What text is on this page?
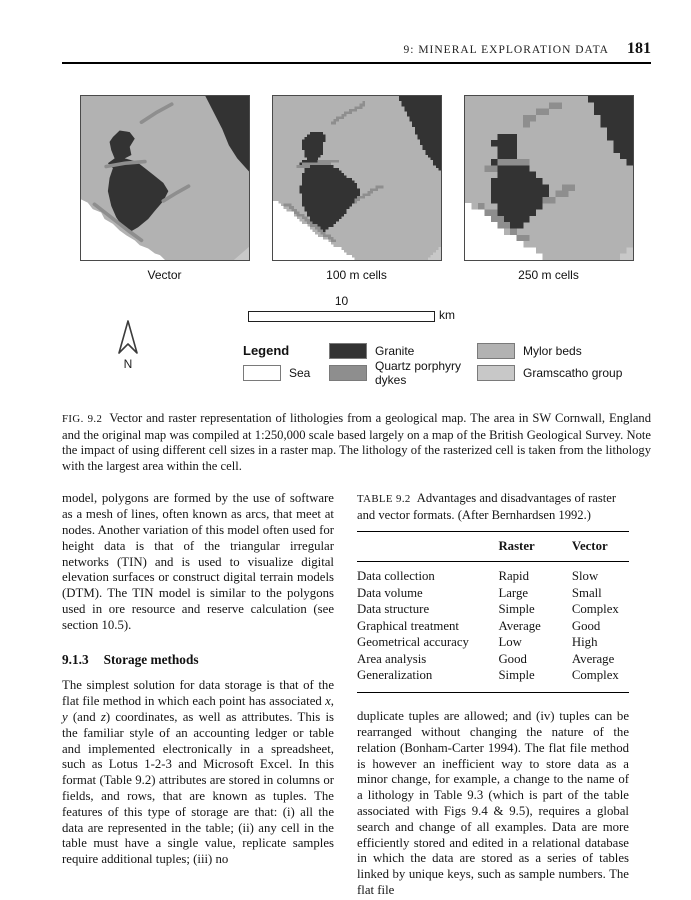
9: MINERAL EXPLORATION DATA 181
Vector	100 m cells	250 m cells
N
10
km
Legend	Granite	Mylor beds
Sea	Quartz porphyry dykes	Gramscatho group

FIG. 9.2 Vector and raster representation of lithologies from a geological map. The area in SW Cornwall, England and the original map was compiled at 1:250,000 scale based largely on a map of the British Geological Survey. Note the impact of using different cell sizes in a raster map. The lithology of the rasterized cell is taken from the lithology with the largest area within the cell.

model, polygons are formed by the use of software as a mesh of lines, often known as arcs, that meet at nodes. Another variation of this model often used for height data is that of the triangular irregular networks (TIN) and is used to visualize digital elevation surfaces or construct digital terrain models (DTM). The TIN model is similar to the polygons used in ore resource and reserve calculation (see section 10.5).

9.1.3 Storage methods

The simplest solution for data storage is that of the flat file method in which each point has associated x, y (and z) coordinates, as well as attributes. This is the familiar style of an accounting ledger or table and implemented electronically in a spreadsheet, such as Lotus 1-2-3 and Microsoft Excel. In this format (Table 9.2) attributes are stored in columns or fields, and rows, that are known as tuples. The features of this type of storage are that: (i) all the data are represented in the table; (ii) any cell in the table must have a single value, replicate samples require additional tuples; (iii) no

TABLE 9.2 Advantages and disadvantages of raster and vector formats. (After Bernhardsen 1992.)

	Raster	Vector
Data collection	Rapid	Slow
Data volume	Large	Small
Data structure	Simple	Complex
Graphical treatment	Average	Good
Geometrical accuracy	Low	High
Area analysis	Good	Average
Generalization	Simple	Complex

duplicate tuples are allowed; and (iv) tuples can be rearranged without changing the nature of the relation (Bonham-Carter 1994). The flat file method is however an inefficient way to store data as a minor change, for example, a change to the name of a lithology in Table 9.3 (which is part of the table associated with Figs 9.4 & 9.5), requires a global search and change of all examples. Data are more efficiently stored and edited in a relational database in which the data are stored as a series of tables linked by unique keys, such as sample numbers. The flat file
